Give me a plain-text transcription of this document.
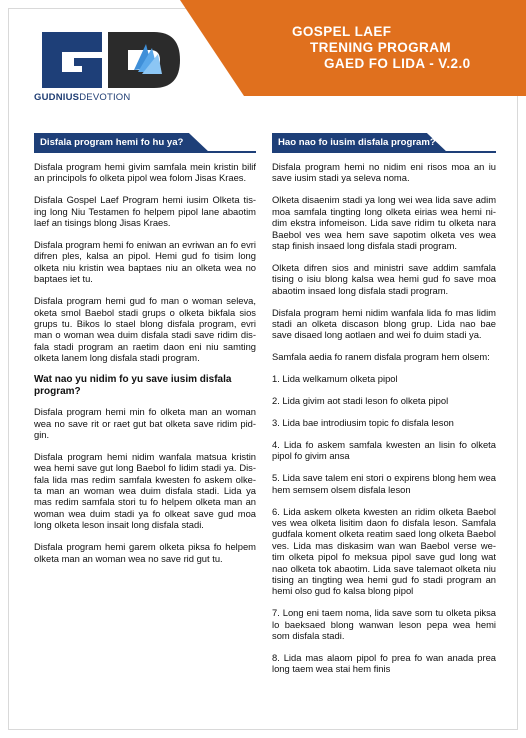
GUDNIUSDEVOTION
GOSPEL LAEF
TRENING PROGRAM
GAED FO LIDA - V.2.0
Disfala program hemi fo hu ya?

Disfala program hemi givim samfala mein kristin bilif an principols fo olketa pipol wea folom Jisas Kraes.

Disfala Gospel Laef Program hemi iusim Olketa tis-ing long Niu Testamen fo helpem pipol lane abaotim laef an tisings blong Jisas Kraes.

Disfala program hemi fo eniwan an evriwan an fo evri difren ples, kalsa an pipol. Hemi gud fo tisim long olketa niu kristin wea baptaes niu an olketa wea no baptaes iet tu.

Disfala program hemi gud fo man o woman seleva, oketa smol Baebol stadi grups o olketa bikfala sios grups tu. Bikos lo stael blong disfala program, evri man o woman wea duim disfala stadi save ridim dis-fala stadi program an raetim daon eni niu samting olketa lanem long disfala stadi program.

Wat nao yu nidim fo yu save iusim disfala program?

Disfala program hemi min fo olketa man an woman wea no save rit or raet gut bat olketa save ridim pid-gin.

Disfala program hemi nidim wanfala matsua kristin wea hemi save gut long Baebol fo lidim stadi ya. Dis-fala lida mas redim samfala kwesten fo askem olke-ta man an woman wea duim disfala stadi. Lida ya mas redim samfala stori tu fo helpem olketa man an woman wea duim stadi ya fo olkeat save gud moa long olketa leson insait long disfala stadi.

Disfala program hemi garem olketa piksa fo helpem olketa man an woman wea no save rid gut tu.

Hao nao fo iusim disfala program?

Disfala program hemi no nidim eni risos moa an iu save iusim stadi ya seleva noma.

Olketa disaenim stadi ya long wei wea lida save adim moa samfala tingting long olketa eirias wea hemi ni-dim ekstra infomeison. Lida save ridim tu olketa nara Baebol ves wea hem save sapotim olketa ves wea stap finish insaed long disfala stadi program.

Olketa difren sios and ministri save addim samfala tising o isiu blong kalsa wea hemi gud fo save moa abaotim insaed long disfala stadi program.

Disfala program hemi nidim wanfala lida fo mas lidim stadi an olketa discason blong grup. Lida nao bae save disaed long aotlaen and wei fo duim stadi ya.

Samfala aedia fo ranem disfala program hem olsem:

1. Lida welkamum olketa pipol

2. Lida givim aot stadi leson fo olketa pipol

3. Lida bae introdiusim topic fo disfala leson

4. Lida fo askem samfala kwesten an lisin fo olketa pipol fo givim ansa

5. Lida save talem eni stori o expirens blong hem wea hem semsem olsem disfala leson

6. Lida askem olketa kwesten an ridim olketa Baebol ves wea olketa lisitim daon fo disfala leson. Samfala gudfala koment olketa reatim saed long olketa Baebol ves. Lida mas diskasim wan wan Baebol verse we-tim olketa pipol fo meksua pipol save gud long wat nao olketa tok abaotim. Lida save talemaot olketa niu tising an tingting wea hemi gud fo stadi program an hemi olso gud fo kalsa blong pipol

7. Long eni taem noma, lida save som tu olketa piksa lo baeksaed blong wanwan leson pepa wea hemi som disfala stadi.

8. Lida mas alaom pipol fo prea fo wan anada prea long taem wea stai hem finis
